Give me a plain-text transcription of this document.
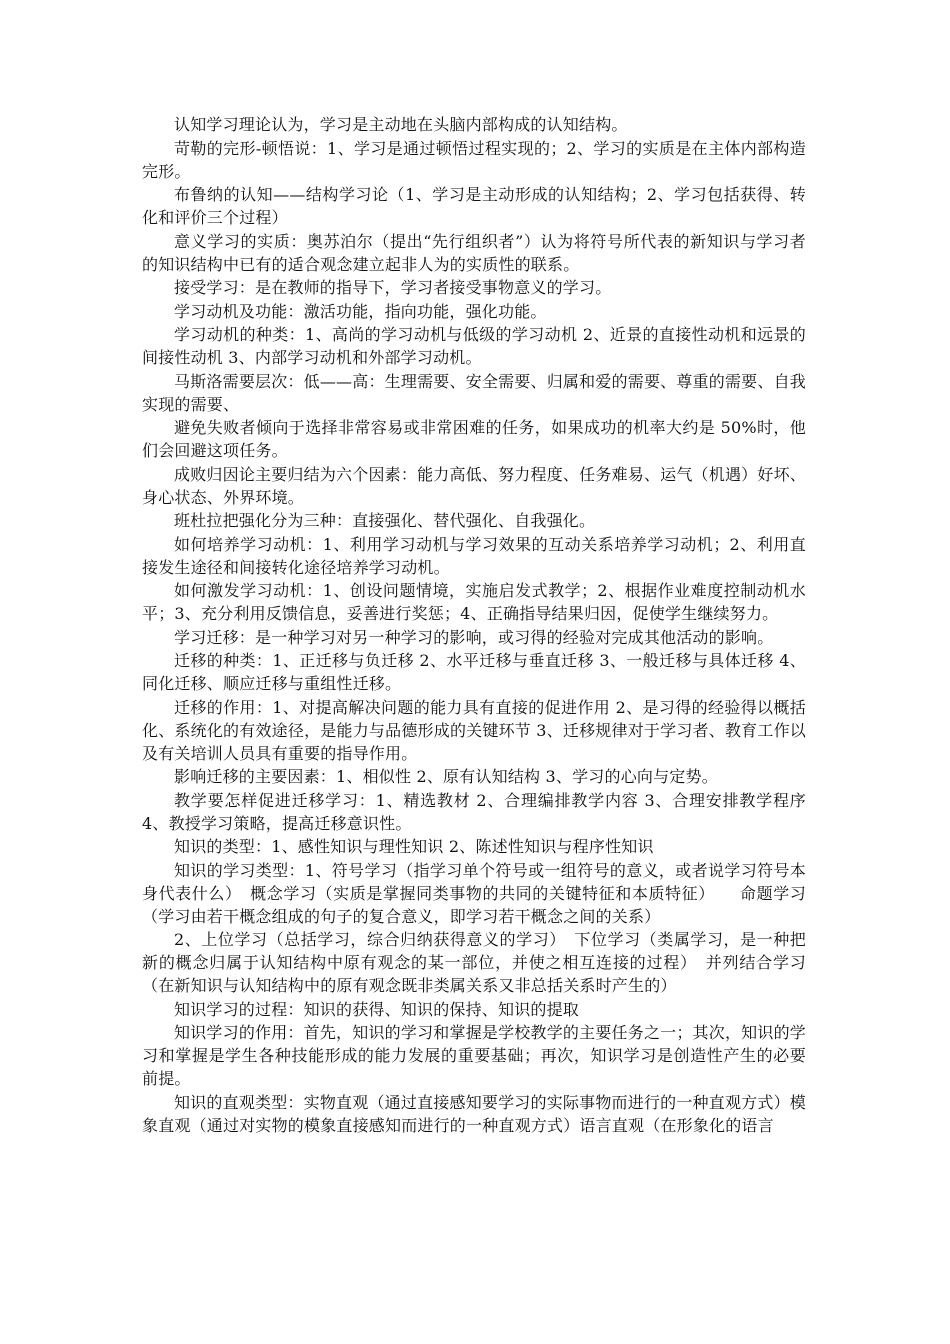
认知学习理论认为，学习是主动地在头脑内部构成的认知结构。

苛勒的完形-顿悟说：1、学习是通过顿悟过程实现的；2、学习的实质是在主体内部构造完形。

布鲁纳的认知——结构学习论（1、学习是主动形成的认知结构；2、学习包括获得、转化和评价三个过程）

意义学习的实质：奥苏泊尔（提出“先行组织者”）认为将符号所代表的新知识与学习者的知识结构中已有的适合观念建立起非人为的实质性的联系。

接受学习：是在教师的指导下，学习者接受事物意义的学习。

学习动机及功能：激活功能，指向功能，强化功能。

学习动机的种类：1、高尚的学习动机与低级的学习动机 2、近景的直接性动机和远景的间接性动机 3、内部学习动机和外部学习动机。

马斯洛需要层次：低——高：生理需要、安全需要、归属和爱的需要、尊重的需要、自我实现的需要、

避免失败者倾向于选择非常容易或非常困难的任务，如果成功的机率大约是 50%时，他们会回避这项任务。

成败归因论主要归结为六个因素：能力高低、努力程度、任务难易、运气（机遇）好坏、身心状态、外界环境。

班杜拉把强化分为三种：直接强化、替代强化、自我强化。

如何培养学习动机：1、利用学习动机与学习效果的互动关系培养学习动机；2、利用直接发生途径和间接转化途径培养学习动机。

如何激发学习动机：1、创设问题情境，实施启发式教学；2、根据作业难度控制动机水平；3、充分利用反馈信息，妥善进行奖惩；4、正确指导结果归因，促使学生继续努力。

学习迁移：是一种学习对另一种学习的影响，或习得的经验对完成其他活动的影响。

迁移的种类：1、正迁移与负迁移 2、水平迁移与垂直迁移 3、一般迁移与具体迁移 4、同化迁移、顺应迁移与重组性迁移。

迁移的作用：1、对提高解决问题的能力具有直接的促进作用 2、是习得的经验得以概括化、系统化的有效途径，是能力与品德形成的关键环节 3、迁移规律对于学习者、教育工作以及有关培训人员具有重要的指导作用。

影响迁移的主要因素：1、相似性 2、原有认知结构 3、学习的心向与定势。

教学要怎样促进迁移学习：1、精选教材 2、合理编排教学内容 3、合理安排教学程序 4、教授学习策略，提高迁移意识性。

知识的类型：1、感性知识与理性知识 2、陈述性知识与程序性知识

知识的学习类型：1、符号学习（指学习单个符号或一组符号的意义，或者说学习符号本身代表什么）　概念学习（实质是掌握同类事物的共同的关键特征和本质特征）　　命题学习（学习由若干概念组成的句子的复合意义，即学习若干概念之间的关系）

2、上位学习（总括学习，综合归纳获得意义的学习）　下位学习（类属学习，是一种把新的概念归属于认知结构中原有观念的某一部位，并使之相互连接的过程）　并列结合学习（在新知识与认知结构中的原有观念既非类属关系又非总括关系时产生的）

知识学习的过程：知识的获得、知识的保持、知识的提取

知识学习的作用：首先，知识的学习和掌握是学校教学的主要任务之一；其次，知识的学习和掌握是学生各种技能形成的能力发展的重要基础；再次，知识学习是创造性产生的必要前提。

知识的直观类型：实物直观（通过直接感知要学习的实际事物而进行的一种直观方式）模象直观（通过对实物的模象直接感知而进行的一种直观方式）语言直观（在形象化的语言
